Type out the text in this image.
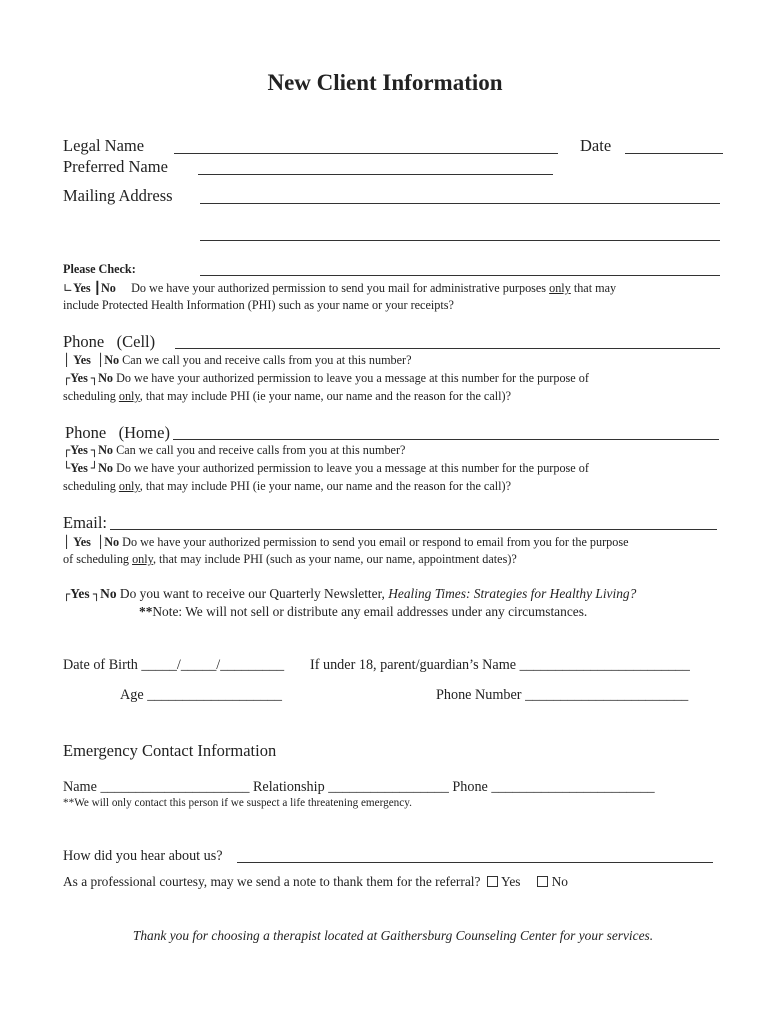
New Client Information
Legal Name	Date
Preferred Name
Mailing Address
Please Check:
∟Yes ┃No Do we have your authorized permission to send you mail for administrative purposes only that may
include Protected Health Information (PHI) such as your name or your receipts?
Phone (Cell)
│ Yes │No Can we call you and receive calls from you at this number?
┌Yes ┐No Do we have your authorized permission to leave you a message at this number for the purpose of
scheduling only, that may include PHI (ie your name, our name and the reason for the call)?
Phone (Home)
┌Yes ┐No Can we call you and receive calls from you at this number?
└Yes ┘No Do we have your authorized permission to leave you a message at this number for the purpose of
scheduling only, that may include PHI (ie your name, our name and the reason for the call)?
Email:
│ Yes │No Do we have your authorized permission to send you email or respond to email from you for the purpose
of scheduling only, that may include PHI (such as your name, our name, appointment dates)?
┌Yes ┐No Do you want to receive our Quarterly Newsletter, Healing Times: Strategies for Healthy Living?
**Note: We will not sell or distribute any email addresses under any circumstances.
Date of Birth _____/_____/_________ If under 18, parent/guardian’s Name ________________________
Age ___________________	Phone Number _______________________
Emergency Contact Information
Name _____________________ Relationship _________________ Phone _______________________
**We will only contact this person if we suspect a life threatening emergency.
How did you hear about us?
As a professional courtesy, may we send a note to thank them for the referral? Yes No
Thank you for choosing a therapist located at Gaithersburg Counseling Center for your services.
